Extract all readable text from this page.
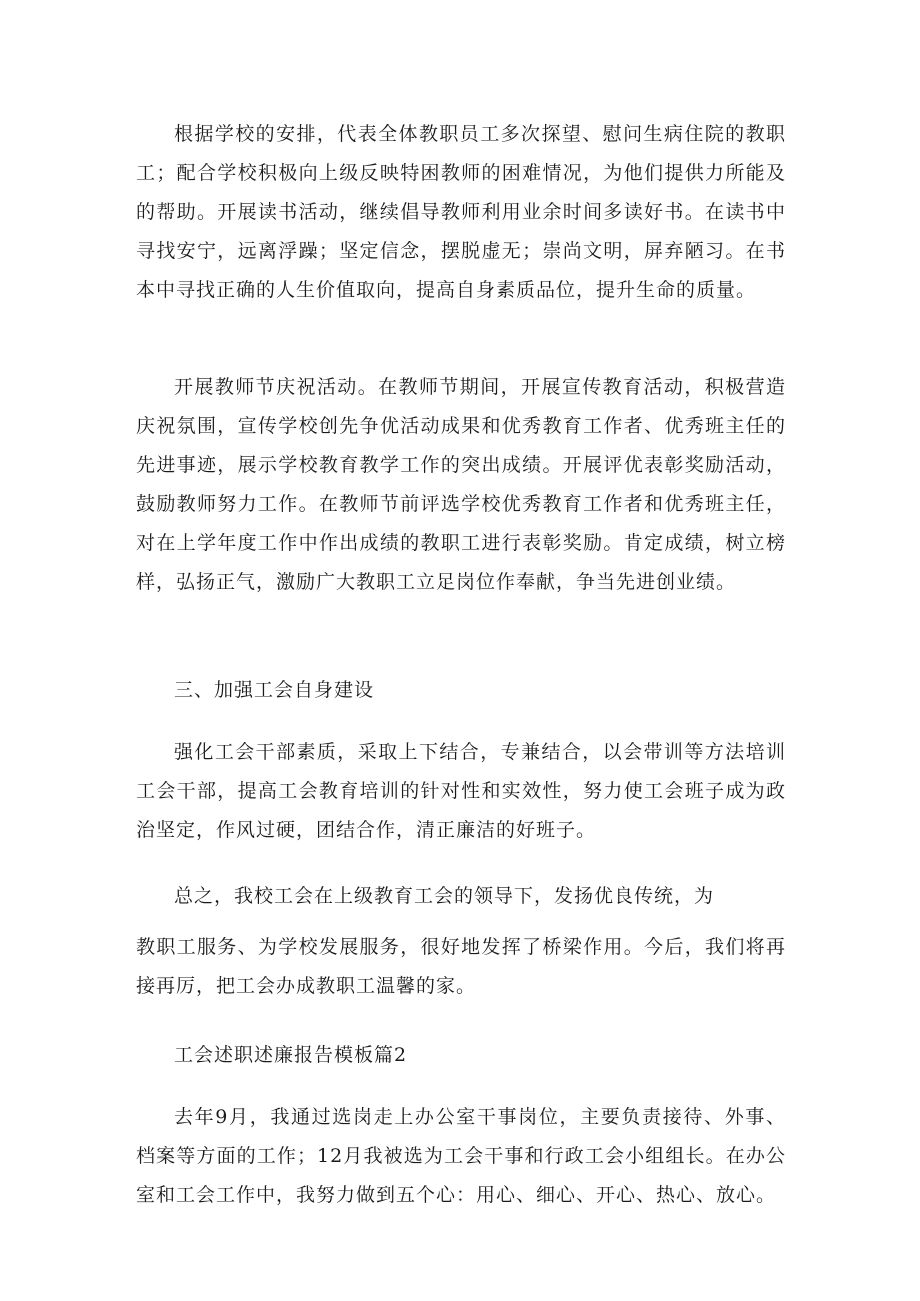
根据学校的安排，代表全体教职员工多次探望、慰问生病住院的教职工；配合学校积极向上级反映特困教师的困难情况，为他们提供力所能及的帮助。开展读书活动，继续倡导教师利用业余时间多读好书。在读书中寻找安宁，远离浮躁；坚定信念，摆脱虚无；崇尚文明，屏弃陋习。在书本中寻找正确的人生价值取向，提高自身素质品位，提升生命的质量。

开展教师节庆祝活动。在教师节期间，开展宣传教育活动，积极营造庆祝氛围，宣传学校创先争优活动成果和优秀教育工作者、优秀班主任的先进事迹，展示学校教育教学工作的突出成绩。开展评优表彰奖励活动，鼓励教师努力工作。在教师节前评选学校优秀教育工作者和优秀班主任，对在上学年度工作中作出成绩的教职工进行表彰奖励。肯定成绩，树立榜样，弘扬正气，激励广大教职工立足岗位作奉献，争当先进创业绩。

三、加强工会自身建设

强化工会干部素质，采取上下结合，专兼结合，以会带训等方法培训工会干部，提高工会教育培训的针对性和实效性，努力使工会班子成为政治坚定，作风过硬，团结合作，清正廉洁的好班子。

总之，我校工会在上级教育工会的领导下，发扬优良传统，为

教职工服务、为学校发展服务，很好地发挥了桥梁作用。今后，我们将再接再厉，把工会办成教职工温馨的家。

工会述职述廉报告模板篇2

去年9月，我通过选岗走上办公室干事岗位，主要负责接待、外事、档案等方面的工作；12月我被选为工会干事和行政工会小组组长。在办公室和工会工作中，我努力做到五个心：用心、细心、开心、热心、放心。
